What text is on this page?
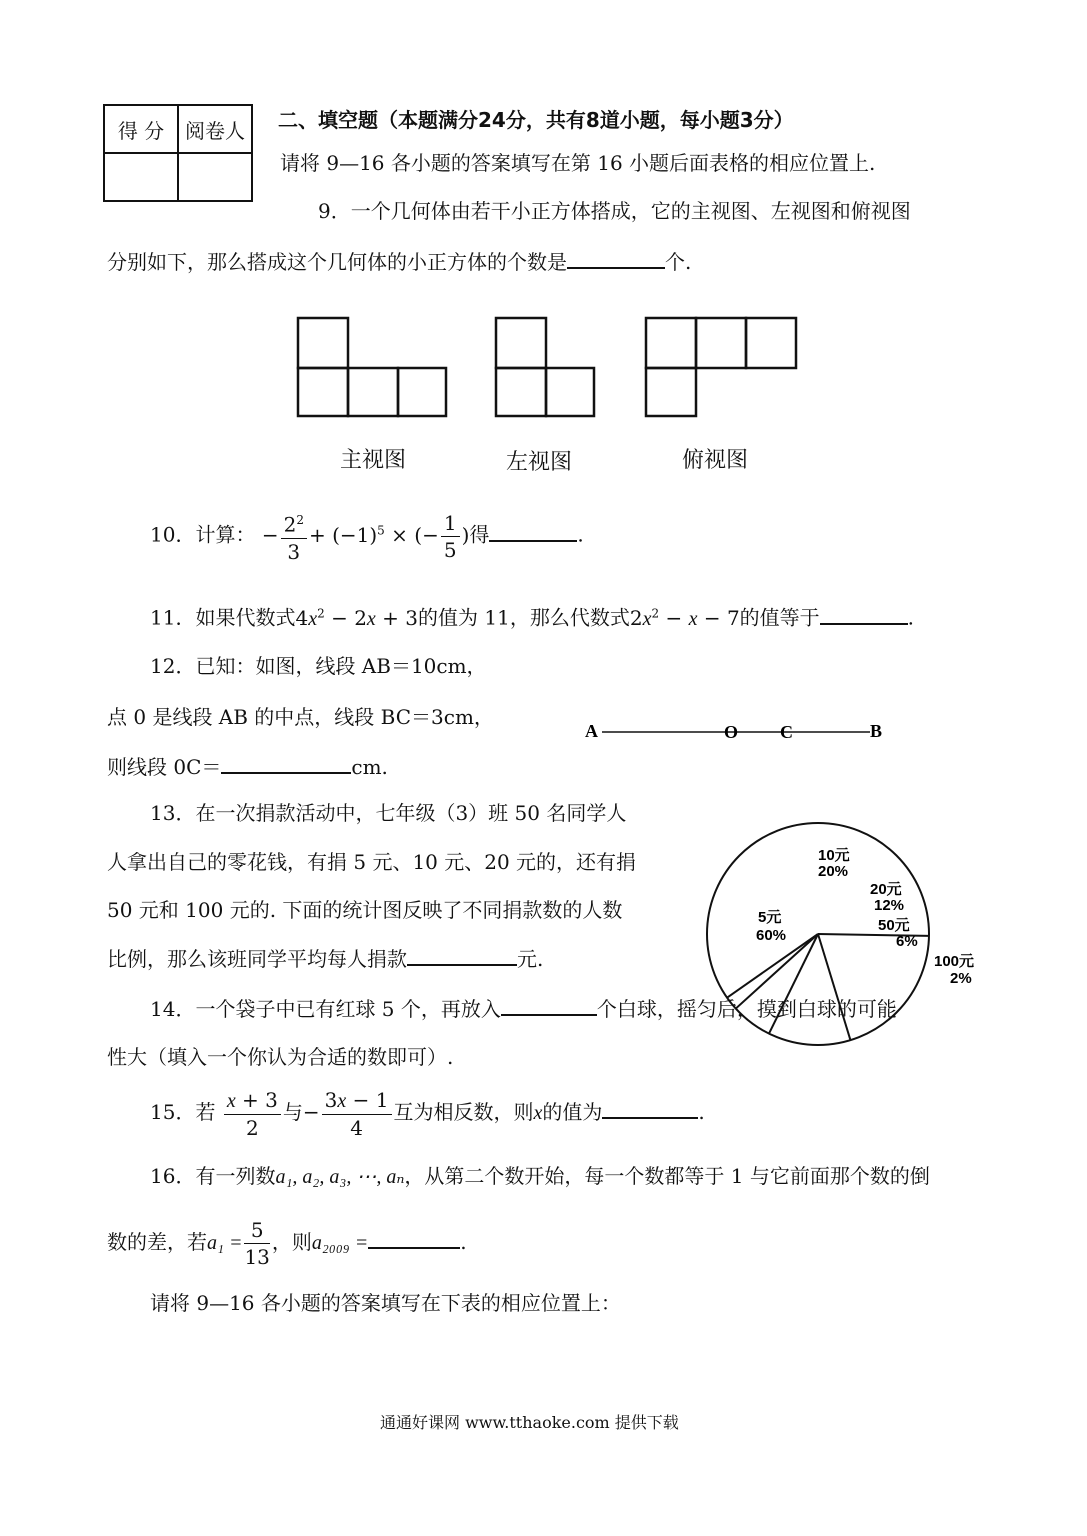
得 分	阅卷人
	二、填空题（本题满分24分，共有8道小题，每小题3分）
请将 9—16 各小题的答案填写在第 16 小题后面表格的相应位置上.
9．一个几何体由若干小正方体搭成，它的主视图、左视图和俯视图
分别如下，那么搭成这个几何体的小正方体的个数是	个.
主视图	左视图	俯视图
10．计算： − $\frac{2^2}{3} + (-1)^5$ × (− $\frac{1}{5}$ )得	.
11．如果代数式$4x^2 - 2x + 3$的值为 11，那么代数式$2x^2 - x - 7$的值等于	.
12．已知：如图，线段 AB＝10cm，
点 0 是线段 AB 的中点，线段 BC＝3cm，
则线段 0C＝	cm.
A	O C	B
13．在一次捐款活动中，七年级（3）班 50 名同学人
人拿出自己的零花钱，有捐 5 元、10 元、20 元的，还有捐
50 元和 100 元的. 下面的统计图反映了不同捐款数的人数
比例，那么该班同学平均每人捐款	元.
5元
60%
10元
20%
20元
12%
50元
6%
100元
2%
14．一个袋子中已有红球 5 个，再放入	个白球，摇匀后，摸到白球的可能
性大（填入一个你认为合适的数即可）.
15．若 $\frac{x + 3}{2}$ 与− $\frac{3x - 1}{4}$ 互为相反数，则x的值为	.
16．有一列数a₁, a₂, a₃, ⋯, aₙ，从第二个数开始，每一个数都等于 1 与它前面那个数的倒
数的差，若$a_1 = \frac{5}{13}$ ，则a₂₀₀₉ =	.
请将 9—16 各小题的答案填写在下表的相应位置上：
通通好课网 www.tthaoke.com 提供下载
